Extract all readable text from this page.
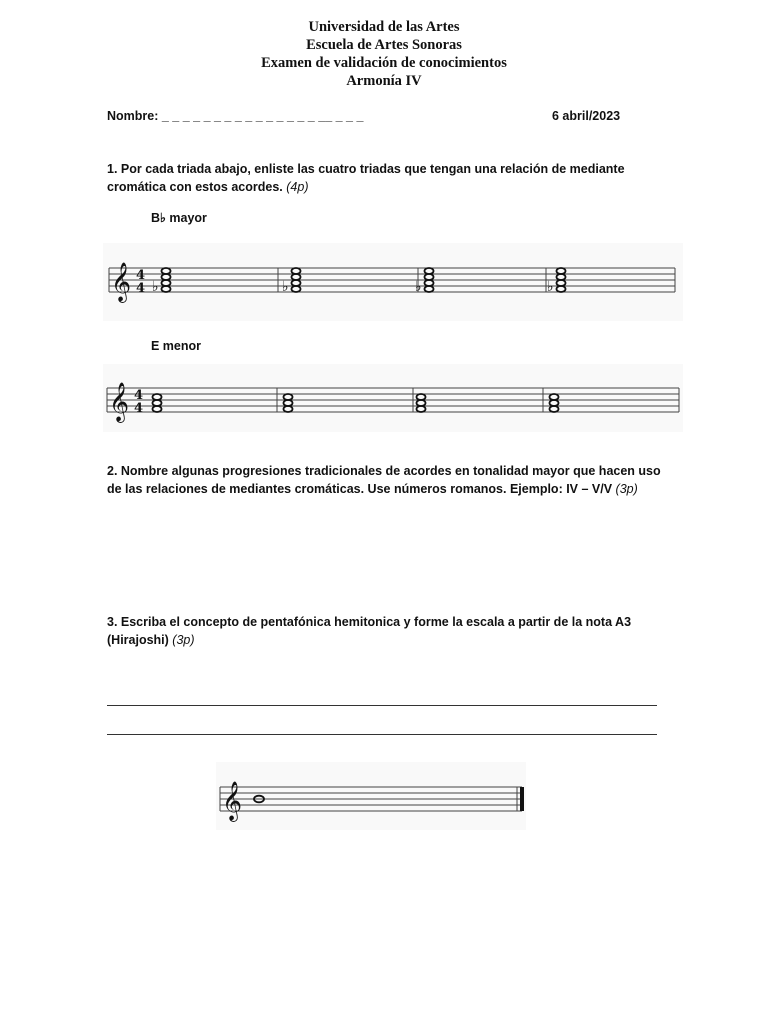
Universidad de las Artes
Escuela de Artes Sonoras
Examen de validación de conocimientos
Armonía IV
Nombre: _ _ _ _ _ _ _ _ _ _ _ _ _ _ _ __ _ _ _	6 abril/2023
1. Por cada triada abajo, enliste las cuatro triadas que tengan una relación de mediante cromática con estos acordes. (4p)
B♭ mayor
𝄞 4
4 ♭	♭	♭	♭
E menor
𝄞 4
4
2. Nombre algunas progresiones tradicionales de acordes en tonalidad mayor que hacen uso de las relaciones de mediantes cromáticas. Use números romanos. Ejemplo: IV – V/V (3p)
3. Escriba el concepto de pentafónica hemitonica y forme la escala a partir de la nota A3 (Hirajoshi) (3p)
𝄞
